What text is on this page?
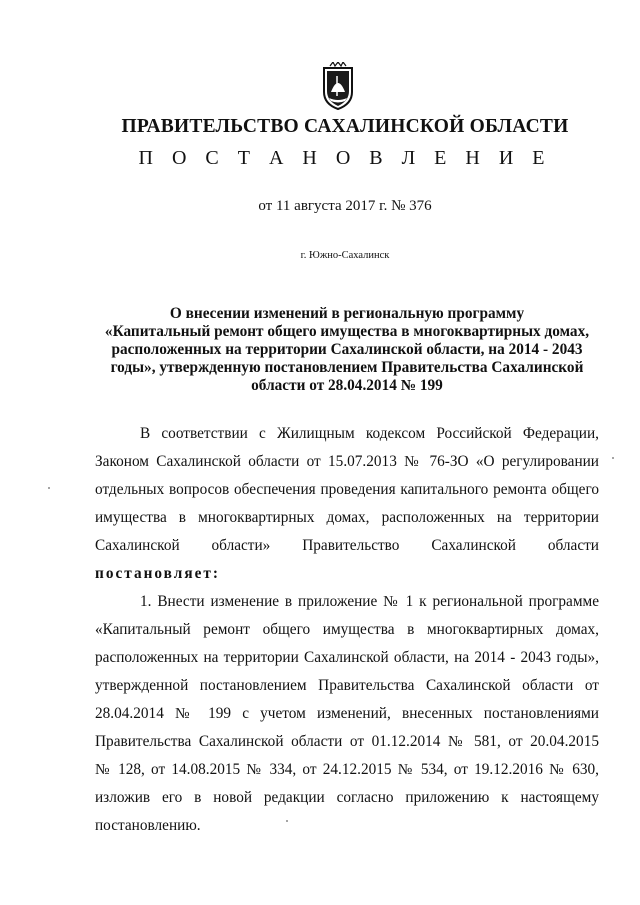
ПРАВИТЕЛЬСТВО САХАЛИНСКОЙ ОБЛАСТИ
П О С Т А Н О В Л Е Н И Е
от 11 августа 2017 г. № 376
г. Южно-Сахалинск
О внесении изменений в региональную программу
«Капитальный ремонт общего имущества в многоквартирных домах,
расположенных на территории Сахалинской области, на 2014 - 2043
годы», утвержденную постановлением Правительства Сахалинской
области от 28.04.2014 № 199
В соответствии с Жилищным кодексом Российской Федерации,
Законом Сахалинской области от 15.07.2013 № 76-ЗО «О регулировании
отдельных вопросов обеспечения проведения капитального ремонта общего
имущества в многоквартирных домах, расположенных на территории
Сахалинской области» Правительство Сахалинской области
постановляет:
1. Внести изменение в приложение № 1 к региональной программе
«Капитальный ремонт общего имущества в многоквартирных домах,
расположенных на территории Сахалинской области, на 2014 - 2043 годы»,
утвержденной постановлением Правительства Сахалинской области от
28.04.2014 № 199 с учетом изменений, внесенных постановлениями
Правительства Сахалинской области от 01.12.2014 № 581, от 20.04.2015
№ 128, от 14.08.2015 № 334, от 24.12.2015 № 534, от 19.12.2016 № 630,
изложив его в новой редакции согласно приложению к настоящему
постановлению.
